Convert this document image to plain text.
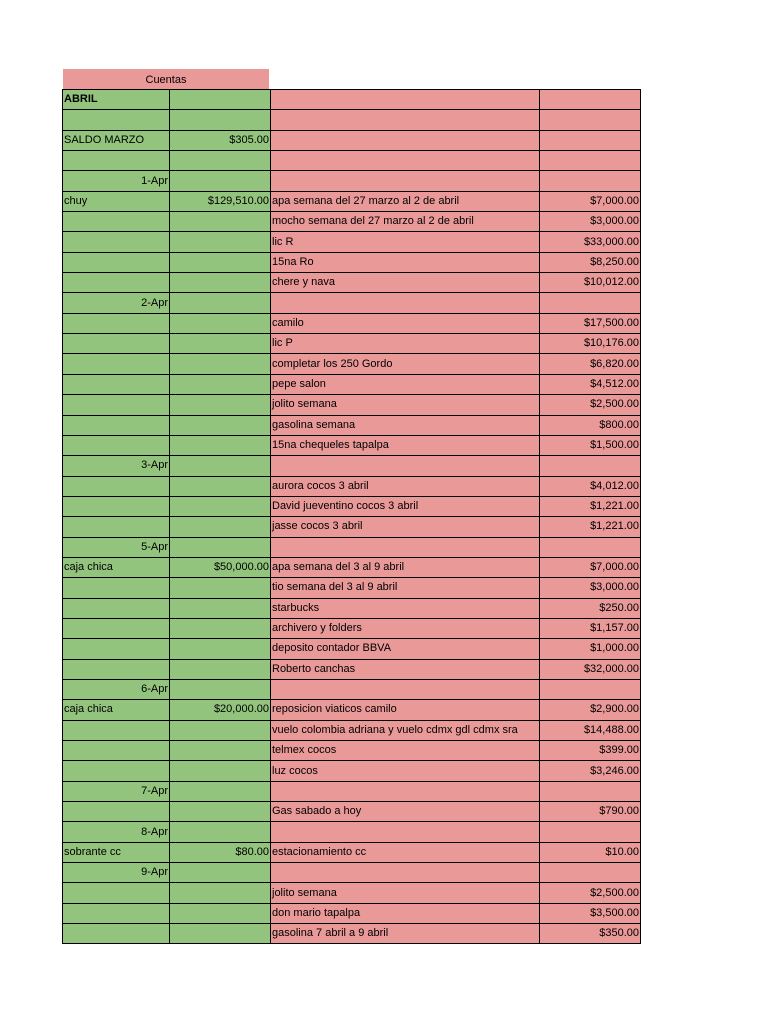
Cuentas
ABRIL			

SALDO MARZO	$305.00		

1-Apr			
chuy	$129,510.00	apa semana del 27 marzo al 2 de abril	$7,000.00
		mocho semana del 27 marzo al 2 de abril	$3,000.00
		lic R	$33,000.00
		15na Ro	$8,250.00
		chere y nava	$10,012.00
2-Apr			
		camilo	$17,500.00
		lic P	$10,176.00
		completar los 250 Gordo	$6,820.00
		pepe salon	$4,512.00
		jolito semana	$2,500.00
		gasolina semana	$800.00
		15na chequeles tapalpa	$1,500.00
3-Apr			
		aurora cocos 3 abril	$4,012.00
		David jueventino cocos 3 abril	$1,221.00
		jasse cocos 3 abril	$1,221.00
5-Apr			
caja chica	$50,000.00	apa semana del 3 al 9 abril	$7,000.00
		tio semana del 3 al 9 abril	$3,000.00
		starbucks	$250.00
		archivero y folders	$1,157.00
		deposito contador BBVA	$1,000.00
		Roberto canchas	$32,000.00
6-Apr			
caja chica	$20,000.00	reposicion viaticos camilo	$2,900.00
		vuelo colombia adriana y vuelo cdmx gdl cdmx sra	$14,488.00
		telmex cocos	$399.00
		luz cocos	$3,246.00
7-Apr			
		Gas sabado a hoy	$790.00
8-Apr			
sobrante cc	$80.00	estacionamiento cc	$10.00
9-Apr			
		jolito semana	$2,500.00
		don mario tapalpa	$3,500.00
		gasolina 7 abril a 9 abril	$350.00
